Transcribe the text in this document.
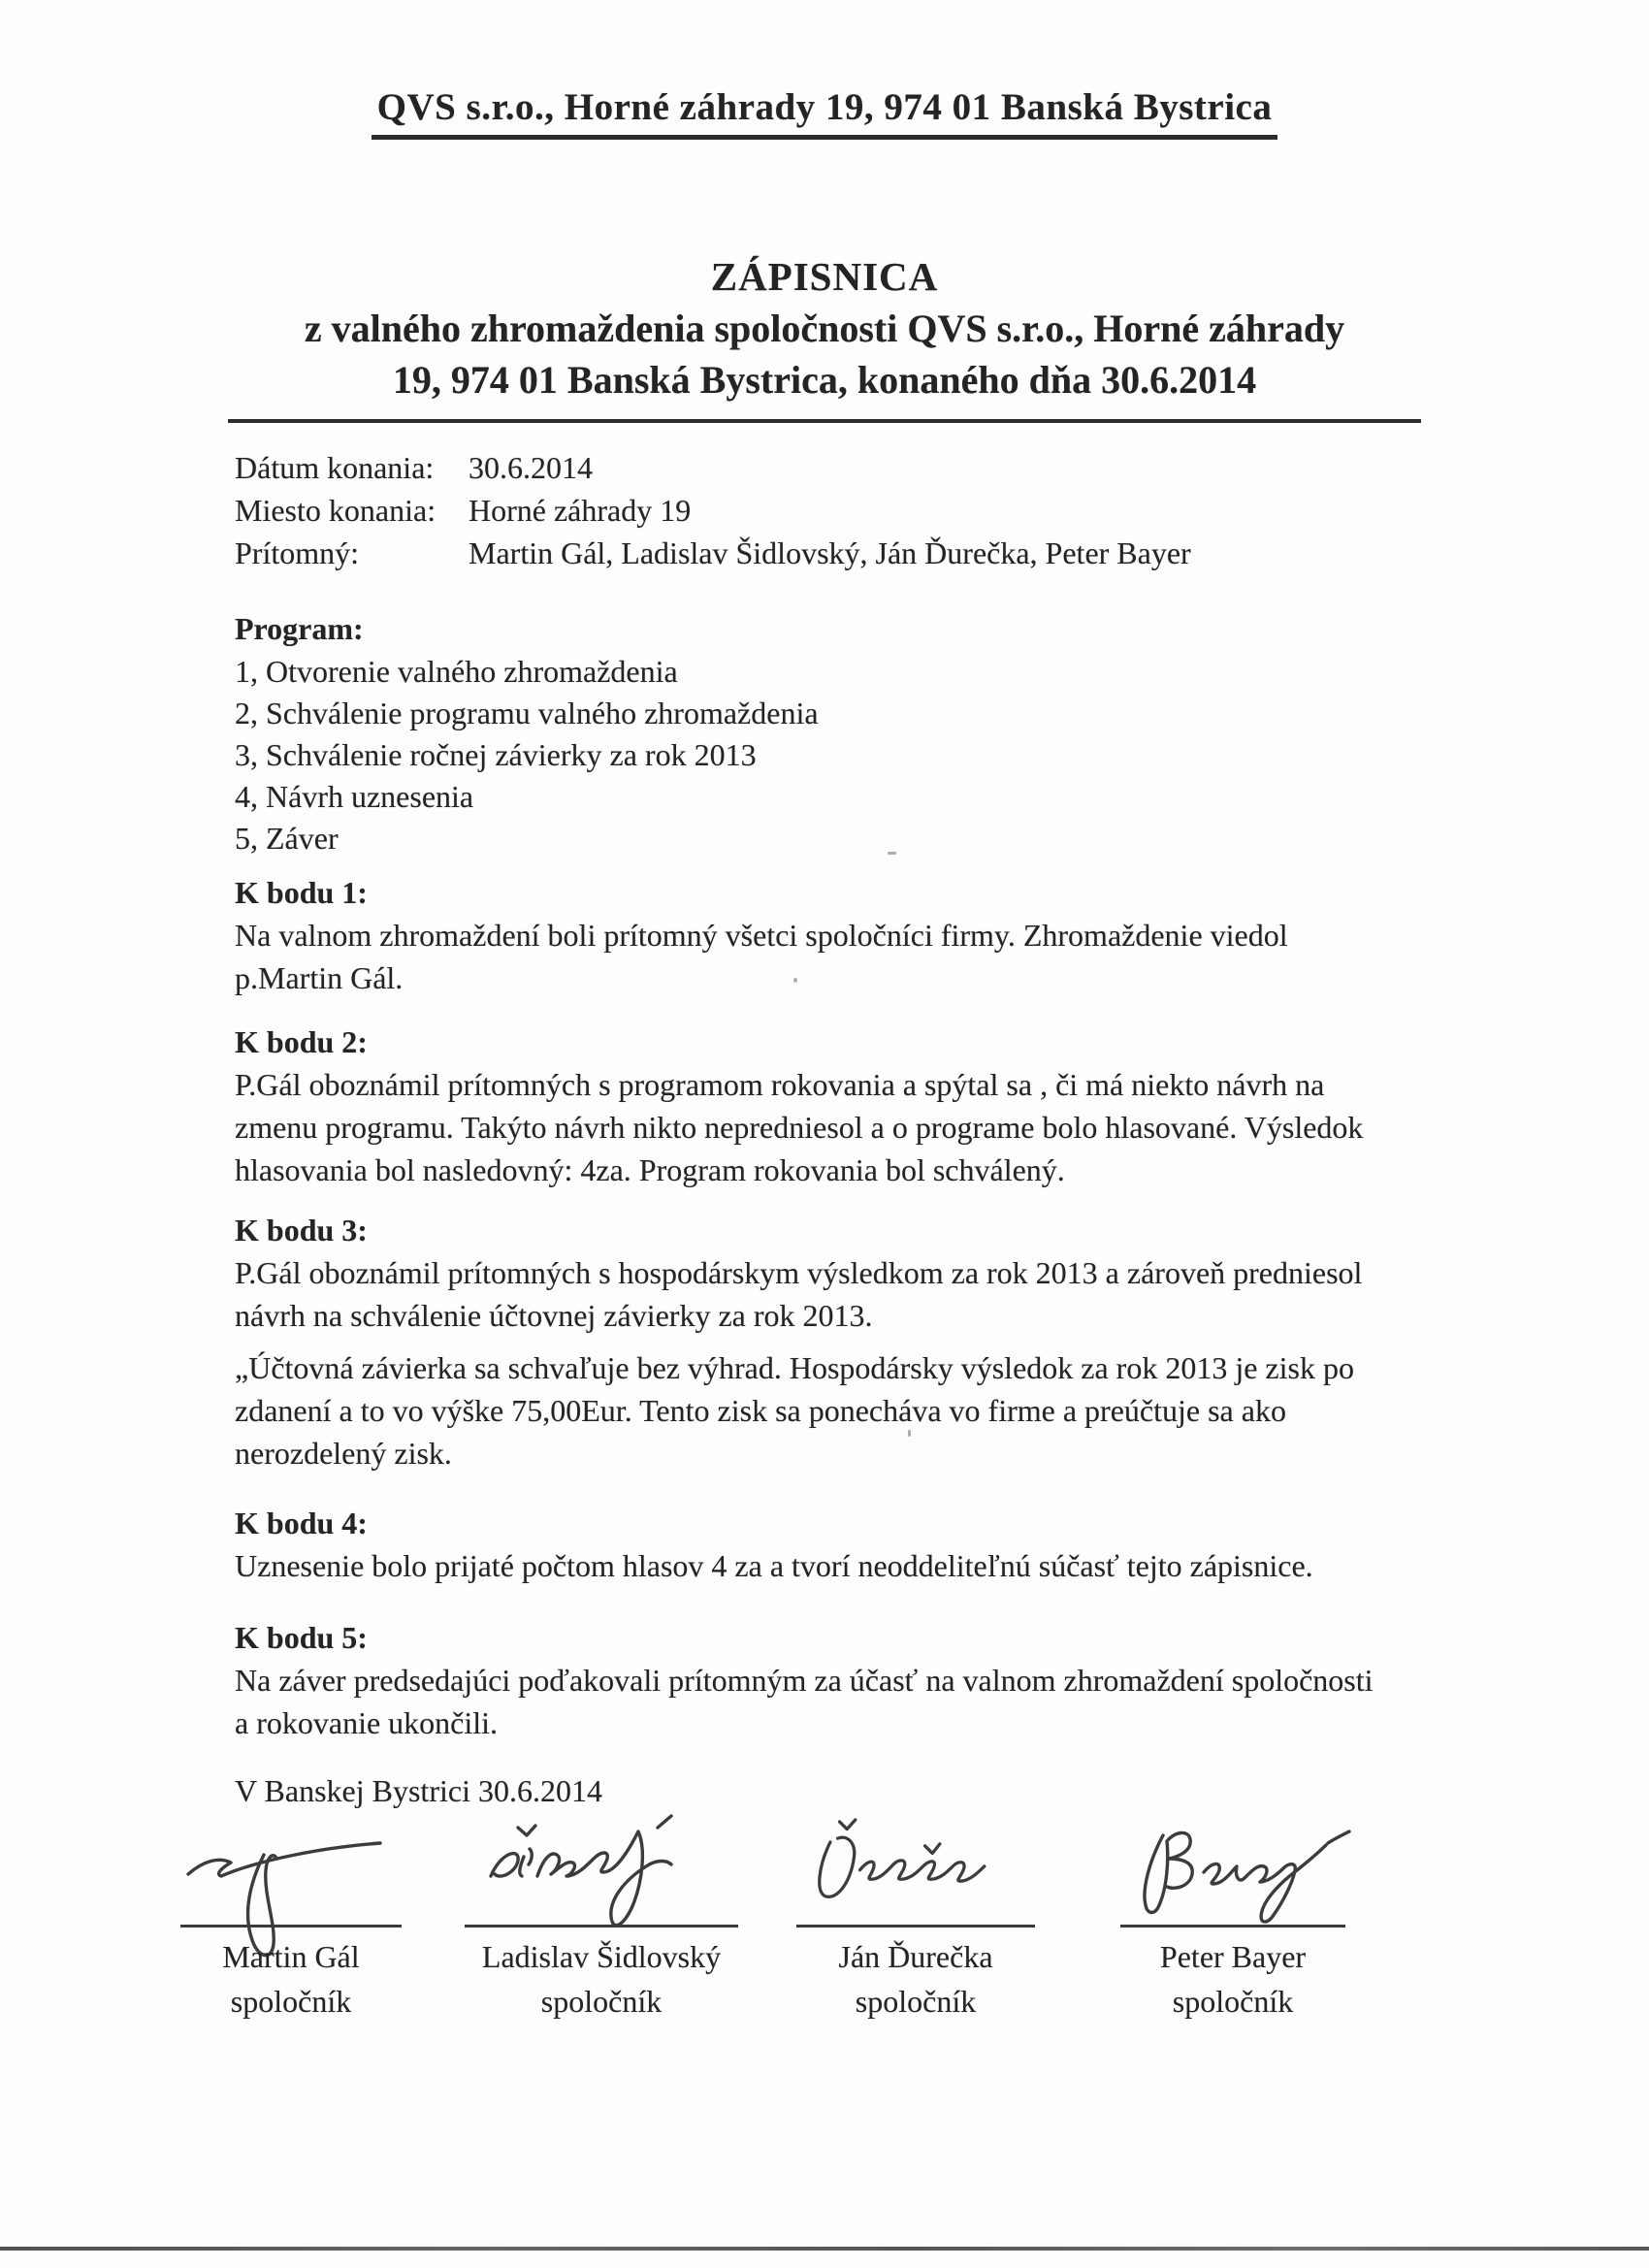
QVS s.r.o., Horné záhrady 19, 974 01 Banská Bystrica
ZÁPISNICA
z valného zhromaždenia spoločnosti QVS s.r.o., Horné záhrady
19, 974 01 Banská Bystrica, konaného dňa 30.6.2014
Dátum konania:	30.6.2014
Miesto konania:	Horné záhrady 19
Prítomný:	Martin Gál, Ladislav Šidlovský, Ján Ďurečka, Peter Bayer
Program:
1, Otvorenie valného zhromaždenia
2, Schválenie programu valného zhromaždenia
3, Schválenie ročnej závierky za rok 2013
4, Návrh uznesenia
5, Záver
K bodu 1:
Na valnom zhromaždení boli prítomný všetci spoločníci firmy. Zhromaždenie viedol p.Martin Gál.
K bodu 2:
P.Gál oboznámil prítomných s programom rokovania a spýtal sa , či má niekto návrh na zmenu programu. Takýto návrh nikto nepredniesol a o programe bolo hlasované. Výsledok hlasovania bol nasledovný: 4za. Program rokovania bol schválený.
K bodu 3:
P.Gál oboznámil prítomných s hospodárskym výsledkom za rok 2013 a zároveň predniesol návrh na schválenie účtovnej závierky za rok 2013.
„Účtovná závierka sa schvaľuje bez výhrad. Hospodársky výsledok za rok 2013 je zisk po zdanení a to vo výške 75,00Eur. Tento zisk sa ponecháva vo firme a preúčtuje sa ako nerozdelený zisk.
K bodu 4:
Uznesenie bolo prijaté počtom hlasov 4 za a tvorí neoddeliteľnú súčasť tejto zápisnice.
K bodu 5:
Na záver predsedajúci poďakovali prítomným za účasť na valnom zhromaždení spoločnosti a rokovanie ukončili.
V Banskej Bystrici 30.6.2014
Martin Gál
spoločník
Ladislav Šidlovský
spoločník
Ján Ďurečka
spoločník
Peter Bayer
spoločník
